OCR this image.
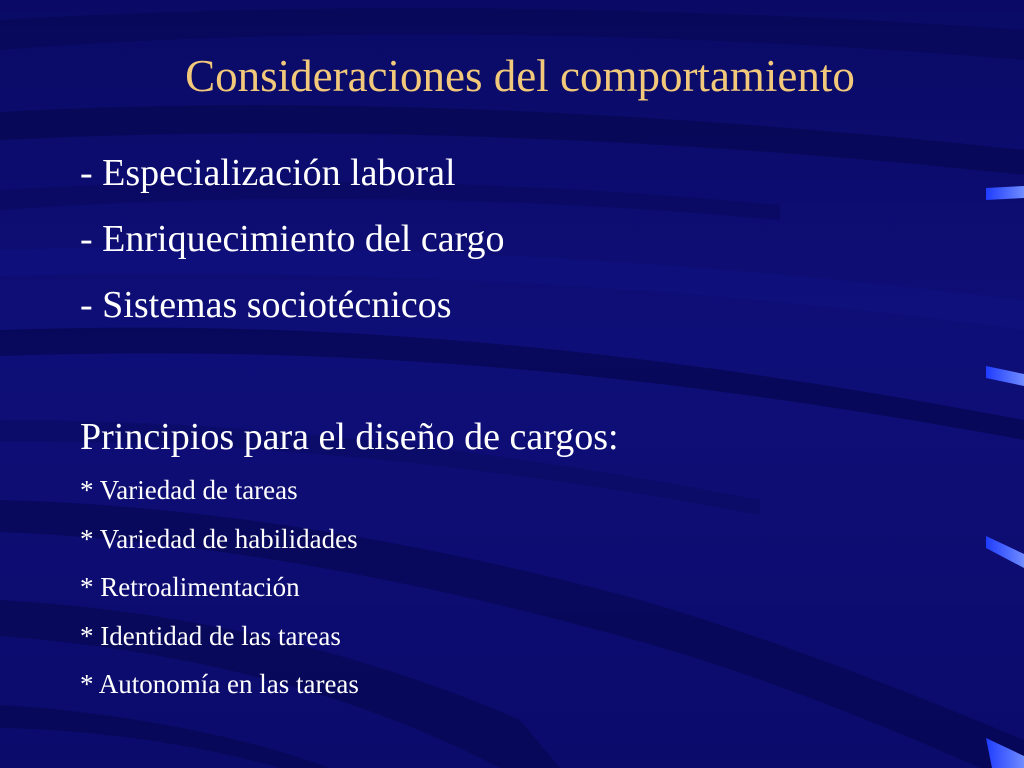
Consideraciones del comportamiento
- Especialización laboral
- Enriquecimiento del cargo
- Sistemas sociotécnicos
Principios para el diseño de cargos:
* Variedad de tareas
* Variedad de habilidades
* Retroalimentación
* Identidad de las tareas
* Autonomía en las tareas
